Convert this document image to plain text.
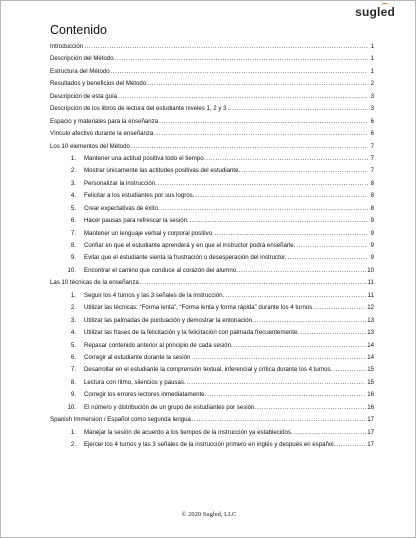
sugled
Contenido
Introducción .....	1
Descripción del Método .....	1
Estructura del Método .....	1
Resultados y beneficios del Método .....	2
Descripción de esta guía .....	3
Descripción de los libros de lectura del estudiante niveles 1, 2 y 3 .....	3
Espacio y materiales para la enseñanza .....	6
Vínculo afectivo durante la enseñanza .....	6
Los 10 elementos del Método .....	7
1.	Mantener una actitud positiva todo el tiempo. .....	7
2.	Mostrar únicamente las actitudes positivas del estudiante. .....	7
3.	Personalizar la instrucción. .....	8
4.	Felicitar a los estudiantes por sus logros. .....	8
5.	Crear expectativas de éxito. .....	8
6.	Hacer pausas para refrescar la sesión. .....	9
7.	Mantener un lenguaje verbal y corporal positivo. .....	9
8.	Confiar en que el estudiante aprenderá y en que el instructor podrá enseñarle. .....	9
9.	Evitar que el estudiante sienta la frustración o desesperación del instructor. .....	9
10.	Encontrar el camino que conduce al corazón del alumno. .....	10
Las 10 técnicas de la enseñanza .....	11
1.	Seguir los 4 turnos y las 3 señales de la instrucción. .....	11
2.	Utilizar las técnicas: “Forma lenta”, “Forma lenta y forma rápida” durante los 4 turnos. .....	12
3.	Utilizar las palmadas de puntuación y demostrar la entonación. .....	13
4.	Utilizar las frases de la felicitación y la felicitación con palmada frecuentemente. .....	13
5.	Repasar contenido anterior al principio de cada sesión. .....	14
6.	Corregir al estudiante durante la sesión .....	14
7.	Desarrollar en el estudiante la comprensión textual, inferencial y crítica durante los 4 turnos. .....	15
8.	Lectura con ritmo, silencios y pausas. .....	15
9.	Corregir los errores lectores inmediatamente. .....	16
10.	El número y distribución de un grupo de estudiantes por sesión. .....	16
Spanish Immersion / Español como segunda lengua .....	17
1.	Manejar la sesión de acuerdo a los tiempos de la instrucción ya establecidos. .....	17
2.	Ejercer los 4 turnos y las 3 señales de la instrucción primero en inglés y después en español. .....	17
© 2020 Sugled, LLC
